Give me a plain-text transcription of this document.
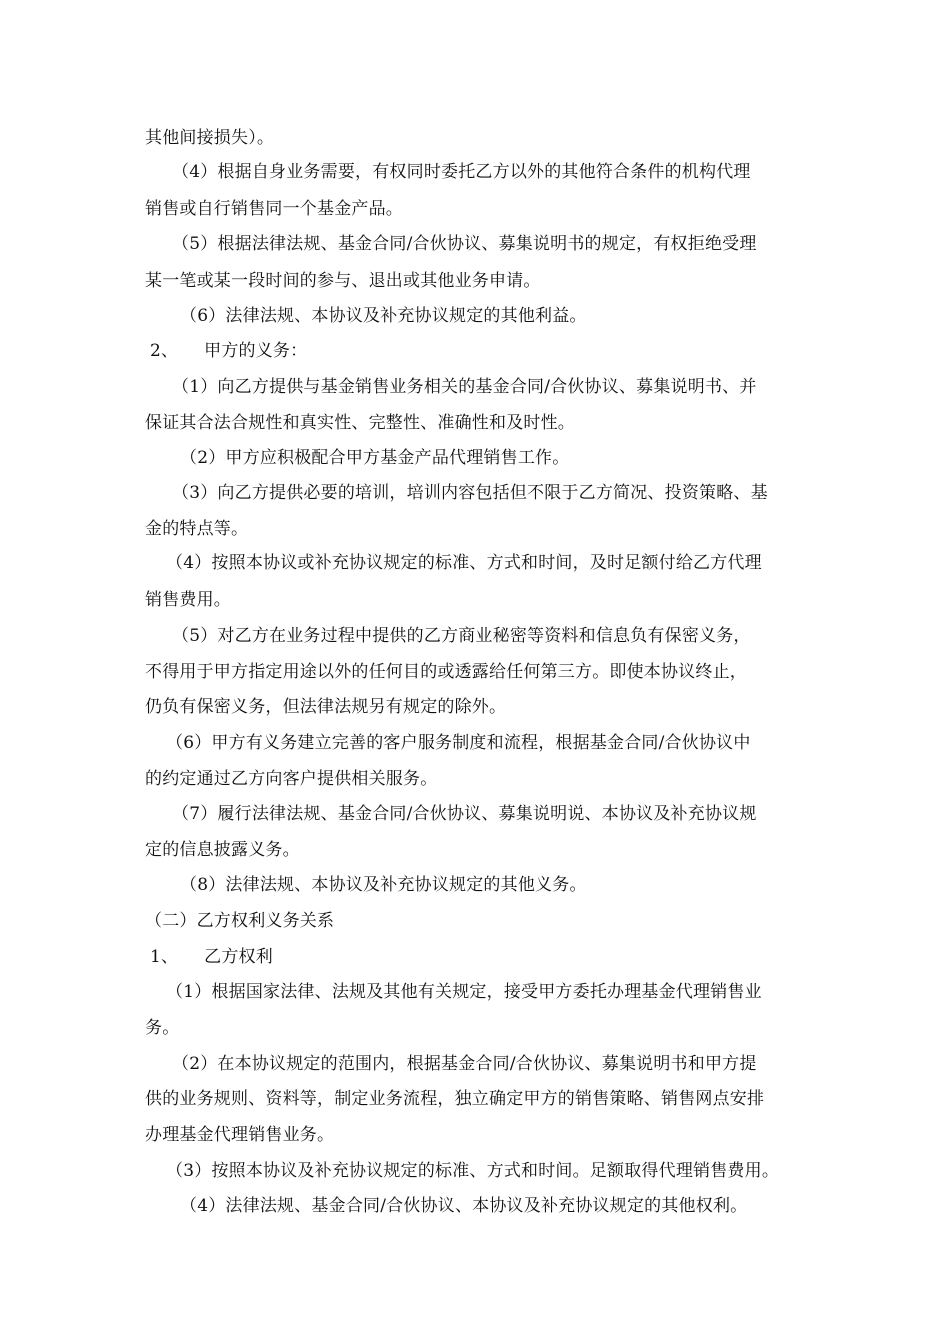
其他间接损失）。
（4）根据自身业务需要，有权同时委托乙方以外的其他符合条件的机构代理
销售或自行销售同一个基金产品。
（5）根据法律法规、基金合同/合伙协议、募集说明书的规定，有权拒绝受理
某一笔或某一段时间的参与、退出或其他业务申请。
（6）法律法规、本协议及补充协议规定的其他利益。
2、　　甲方的义务：
（1）向乙方提供与基金销售业务相关的基金合同/合伙协议、募集说明书、并
保证其合法合规性和真实性、完整性、准确性和及时性。
（2）甲方应积极配合甲方基金产品代理销售工作。
（3）向乙方提供必要的培训，培训内容包括但不限于乙方简况、投资策略、基
金的特点等。
（4）按照本协议或补充协议规定的标准、方式和时间，及时足额付给乙方代理
销售费用。
（5）对乙方在业务过程中提供的乙方商业秘密等资料和信息负有保密义务，
不得用于甲方指定用途以外的任何目的或透露给任何第三方。即使本协议终止，
仍负有保密义务，但法律法规另有规定的除外。
（6）甲方有义务建立完善的客户服务制度和流程，根据基金合同/合伙协议中
的约定通过乙方向客户提供相关服务。
（7）履行法律法规、基金合同/合伙协议、募集说明说、本协议及补充协议规
定的信息披露义务。
（8）法律法规、本协议及补充协议规定的其他义务。
（二）乙方权利义务关系
1、　　乙方权利
（1）根据国家法律、法规及其他有关规定，接受甲方委托办理基金代理销售业
务。
（2）在本协议规定的范围内，根据基金合同/合伙协议、募集说明书和甲方提
供的业务规则、资料等，制定业务流程，独立确定甲方的销售策略、销售网点安排
办理基金代理销售业务。
（3）按照本协议及补充协议规定的标准、方式和时间。足额取得代理销售费用。
（4）法律法规、基金合同/合伙协议、本协议及补充协议规定的其他权利。
